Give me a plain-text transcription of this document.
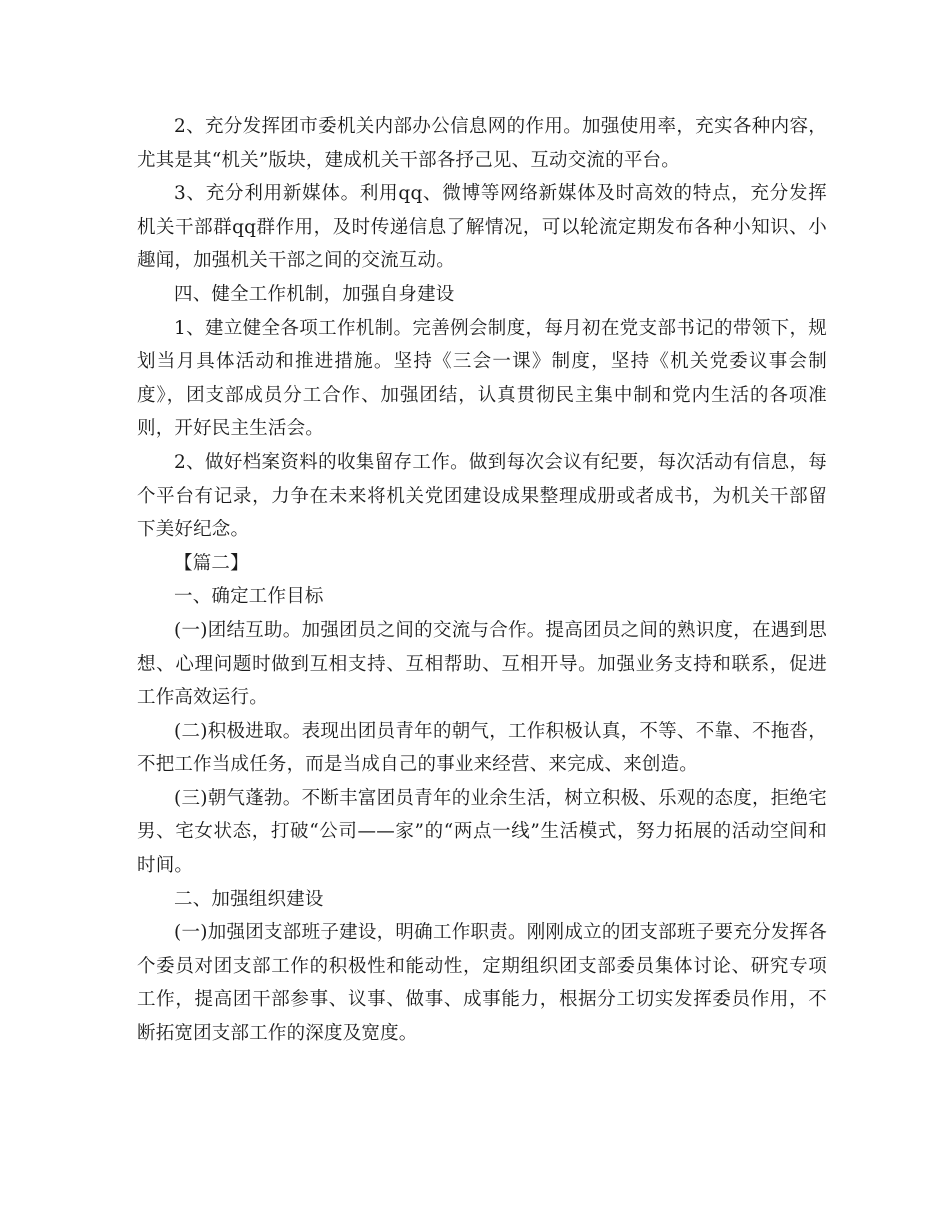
2、充分发挥团市委机关内部办公信息网的作用。加强使用率，充实各种内容，尤其是其“机关”版块，建成机关干部各抒己见、互动交流的平台。

3、充分利用新媒体。利用qq、微博等网络新媒体及时高效的特点，充分发挥机关干部群qq群作用，及时传递信息了解情况，可以轮流定期发布各种小知识、小趣闻，加强机关干部之间的交流互动。

四、健全工作机制，加强自身建设

1、建立健全各项工作机制。完善例会制度，每月初在党支部书记的带领下，规划当月具体活动和推进措施。坚持《三会一课》制度，坚持《机关党委议事会制度》，团支部成员分工合作、加强团结，认真贯彻民主集中制和党内生活的各项准则，开好民主生活会。

2、做好档案资料的收集留存工作。做到每次会议有纪要，每次活动有信息，每个平台有记录，力争在未来将机关党团建设成果整理成册或者成书，为机关干部留下美好纪念。

【篇二】

一、确定工作目标

(一)团结互助。加强团员之间的交流与合作。提高团员之间的熟识度，在遇到思想、心理问题时做到互相支持、互相帮助、互相开导。加强业务支持和联系，促进工作高效运行。

(二)积极进取。表现出团员青年的朝气，工作积极认真，不等、不靠、不拖沓，不把工作当成任务，而是当成自己的事业来经营、来完成、来创造。

(三)朝气蓬勃。不断丰富团员青年的业余生活，树立积极、乐观的态度，拒绝宅男、宅女状态，打破“公司——家”的“两点一线”生活模式，努力拓展的活动空间和时间。

二、加强组织建设

(一)加强团支部班子建设，明确工作职责。刚刚成立的团支部班子要充分发挥各个委员对团支部工作的积极性和能动性，定期组织团支部委员集体讨论、研究专项工作，提高团干部参事、议事、做事、成事能力，根据分工切实发挥委员作用，不断拓宽团支部工作的深度及宽度。
